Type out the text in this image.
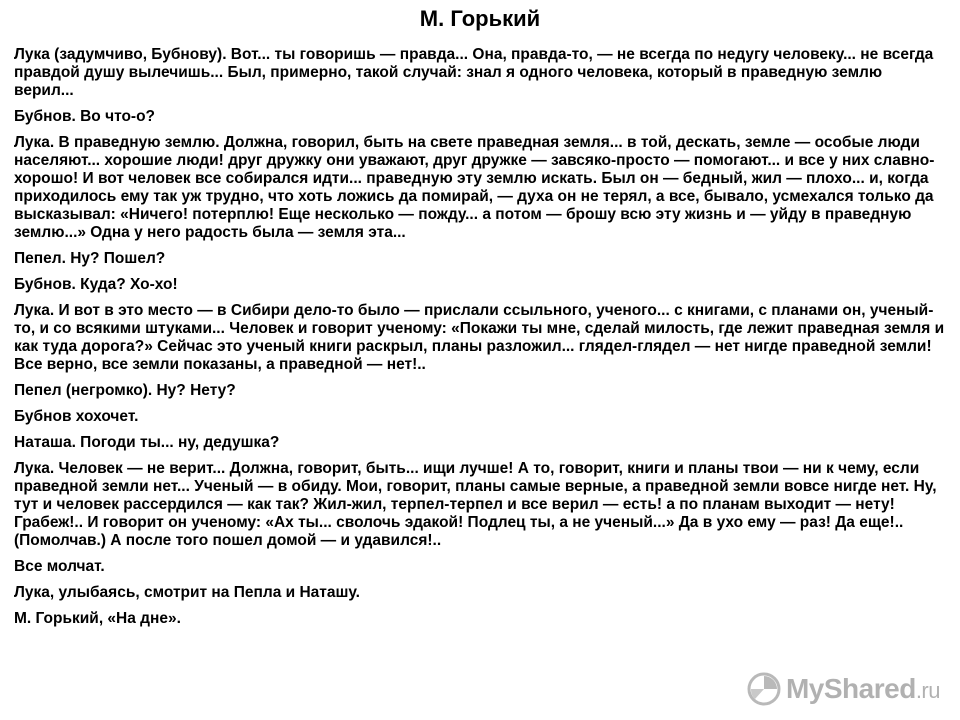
М. Горький

Лука (задумчиво, Бубнову). Вот... ты говоришь — правда... Она, правда-то, — не всегда по недугу человеку... не всегда правдой душу вылечишь... Был, примерно, такой случай: знал я одного человека, который в праведную землю верил...

Бубнов. Во что-о?

Лука. В праведную землю. Должна, говорил, быть на свете праведная земля... в той, дескать, земле — особые люди населяют... хорошие люди! друг дружку они уважают, друг дружке — завсяко-просто — помогают... и все у них славно-хорошо! И вот человек все собирался идти... праведную эту землю искать. Был он — бедный, жил — плохо... и, когда приходилось ему так уж трудно, что хоть ложись да помирай, — духа он не терял, а все, бывало, усмехался только да высказывал: «Ничего! потерплю! Еще несколько — пожду... а потом — брошу всю эту жизнь и — уйду в праведную землю...» Одна у него радость была — земля эта...

Пепел. Ну? Пошел?

Бубнов. Куда? Хо-хо!

Лука. И вот в это место — в Сибири дело-то было — прислали ссыльного, ученого... с книгами, с планами он, ученый-то, и со всякими штуками... Человек и говорит ученому: «Покажи ты мне, сделай милость, где лежит праведная земля и как туда дорога?» Сейчас это ученый книги раскрыл, планы разложил... глядел-глядел — нет нигде праведной земли! Все верно, все земли показаны, а праведной — нет!..

Пепел (негромко). Ну? Нету?

Бубнов хохочет.

Наташа. Погоди ты... ну, дедушка?

Лука. Человек — не верит... Должна, говорит, быть... ищи лучше! А то, говорит, книги и планы твои — ни к чему, если праведной земли нет... Ученый — в обиду. Мои, говорит, планы самые верные, а праведной земли вовсе нигде нет. Ну, тут и человек рассердился — как так? Жил-жил, терпел-терпел и все верил — есть! а по планам выходит — нету! Грабеж!.. И говорит он ученому: «Ах ты... сволочь эдакой! Подлец ты, а не ученый...» Да в ухо ему — раз! Да еще!.. (Помолчав.) А после того пошел домой — и удавился!..

Все молчат.

Лука, улыбаясь, смотрит на Пепла и Наташу.

М. Горький, «На дне».

MyShared.ru
